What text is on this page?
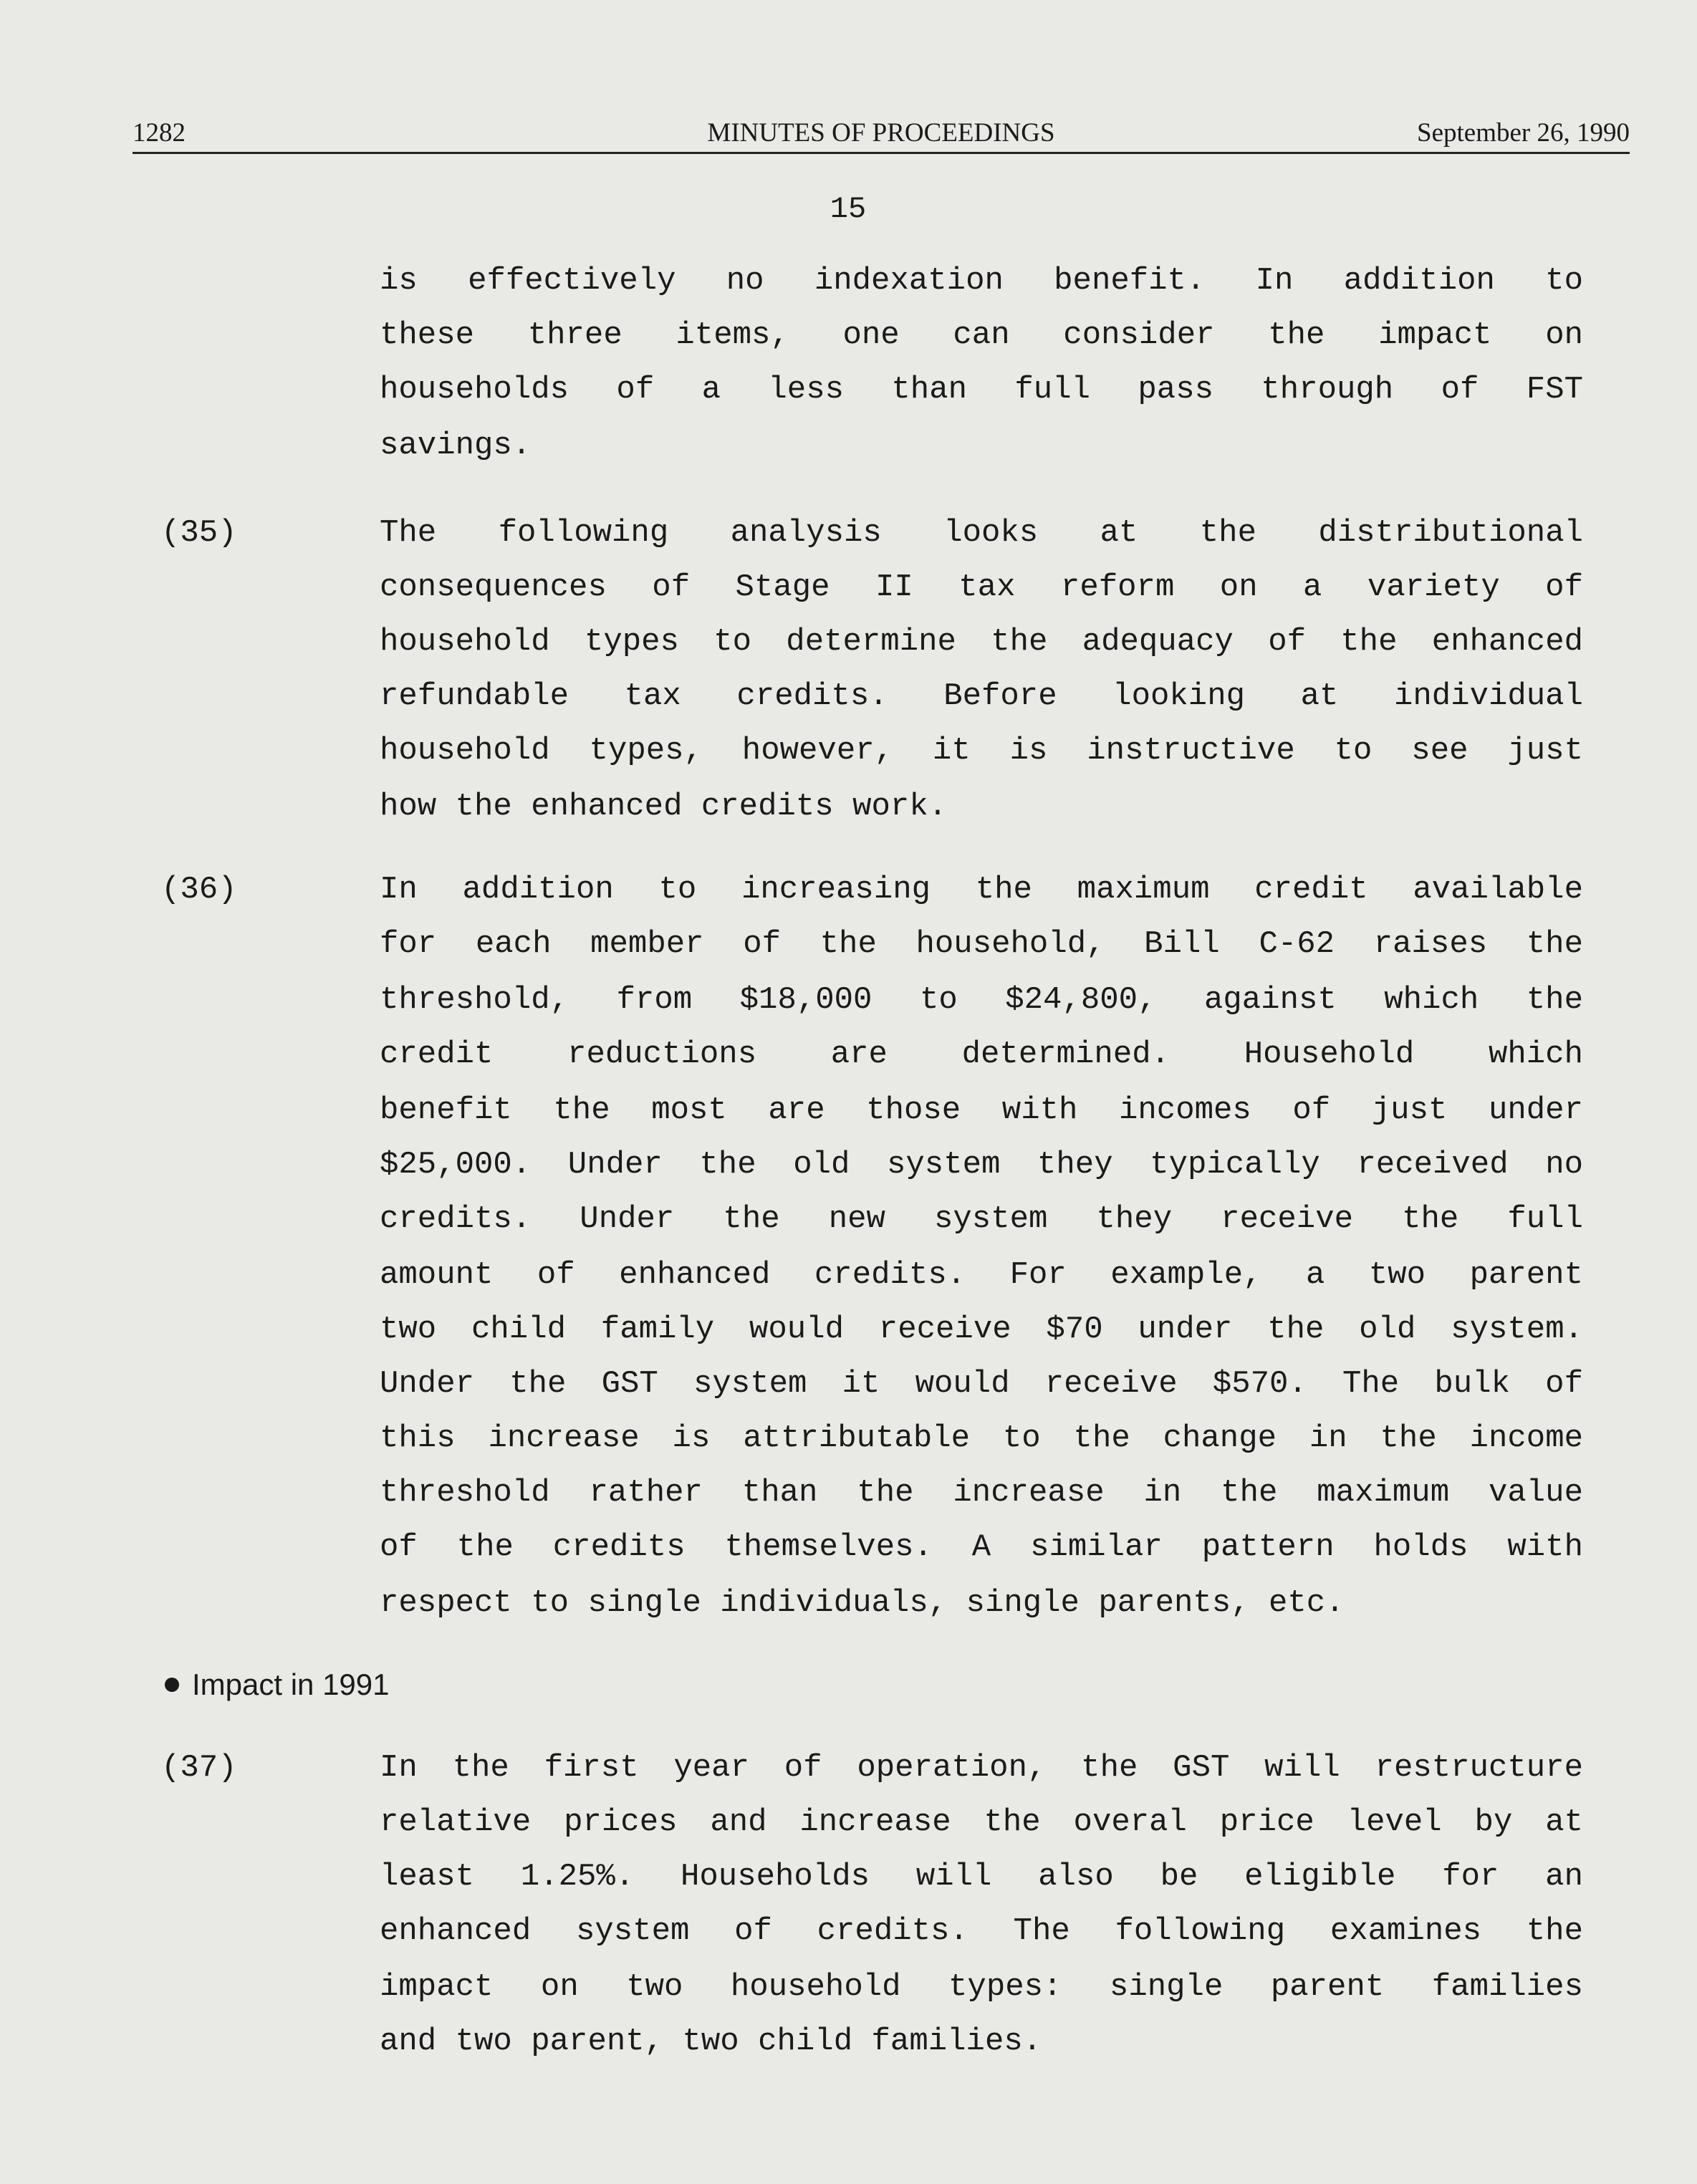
1282	MINUTES OF PROCEEDINGS	September 26, 1990
15
is effectively no indexation benefit. In addition to
these three items, one can consider the impact on
households of a less than full pass through of FST
savings.
(35)	The following analysis looks at the distributional
consequences of Stage II tax reform on a variety of
household types to determine the adequacy of the enhanced
refundable tax credits. Before looking at individual
household types, however, it is instructive to see just
how the enhanced credits work.
(36)	In addition to increasing the maximum credit available
for each member of the household, Bill C-62 raises the
threshold, from $18,000 to $24,800, against which the
credit reductions are determined. Household which
benefit the most are those with incomes of just under
$25,000. Under the old system they typically received no
credits. Under the new system they receive the full
amount of enhanced credits. For example, a two parent
two child family would receive $70 under the old system.
Under the GST system it would receive $570. The bulk of
this increase is attributable to the change in the income
threshold rather than the increase in the maximum value
of the credits themselves. A similar pattern holds with
respect to single individuals, single parents, etc.
Impact in 1991
(37)	In the first year of operation, the GST will restructure
relative prices and increase the overal price level by at
least 1.25%. Households will also be eligible for an
enhanced system of credits. The following examines the
impact on two household types: single parent families
and two parent, two child families.
